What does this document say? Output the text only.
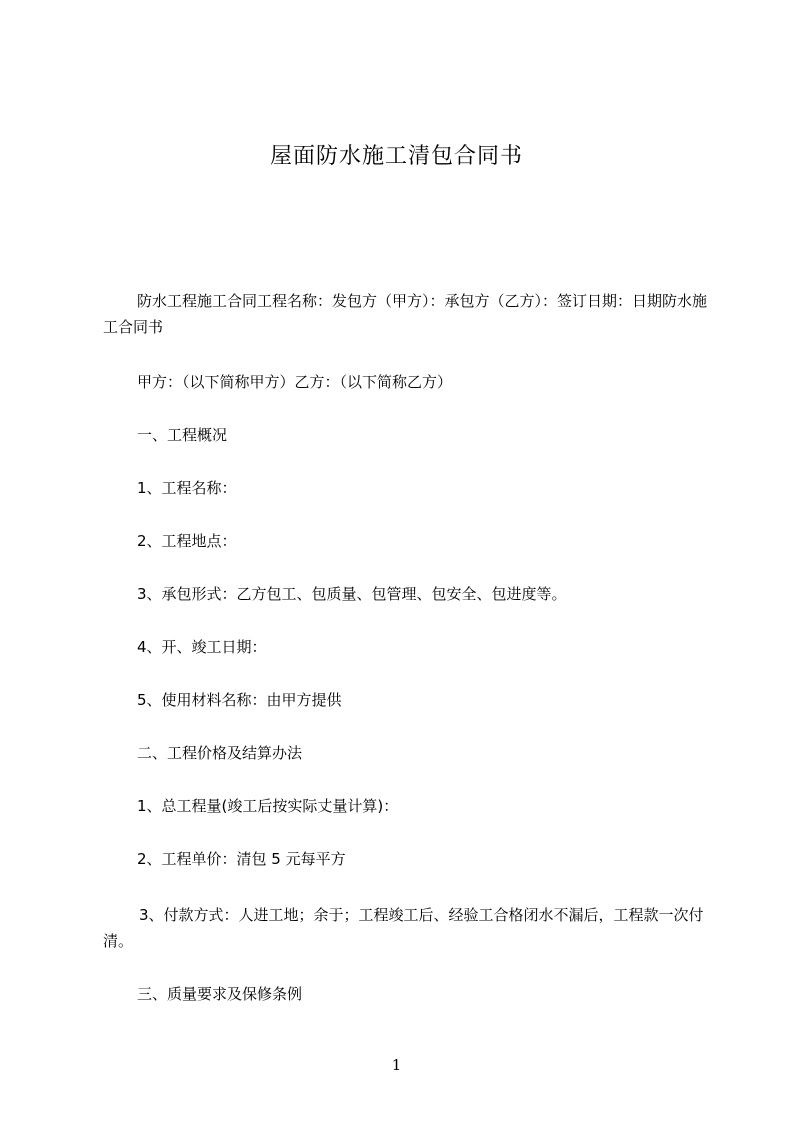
屋面防水施工清包合同书
防水工程施工合同工程名称：发包方（甲方）：承包方（乙方）：签订日期：日期防水施工合同书
甲方：（以下简称甲方）乙方：（以下简称乙方）
一、工程概况
1、工程名称：
2、工程地点：
3、承包形式：乙方包工、包质量、包管理、包安全、包进度等。
4、开、竣工日期：
5、使用材料名称：由甲方提供
二、工程价格及结算办法
1、总工程量(竣工后按实际丈量计算)：
2、工程单价：清包 5 元每平方
3、付款方式：人进工地；余于；工程竣工后、经验工合格闭水不漏后，工程款一次付清。
三、质量要求及保修条例
1
